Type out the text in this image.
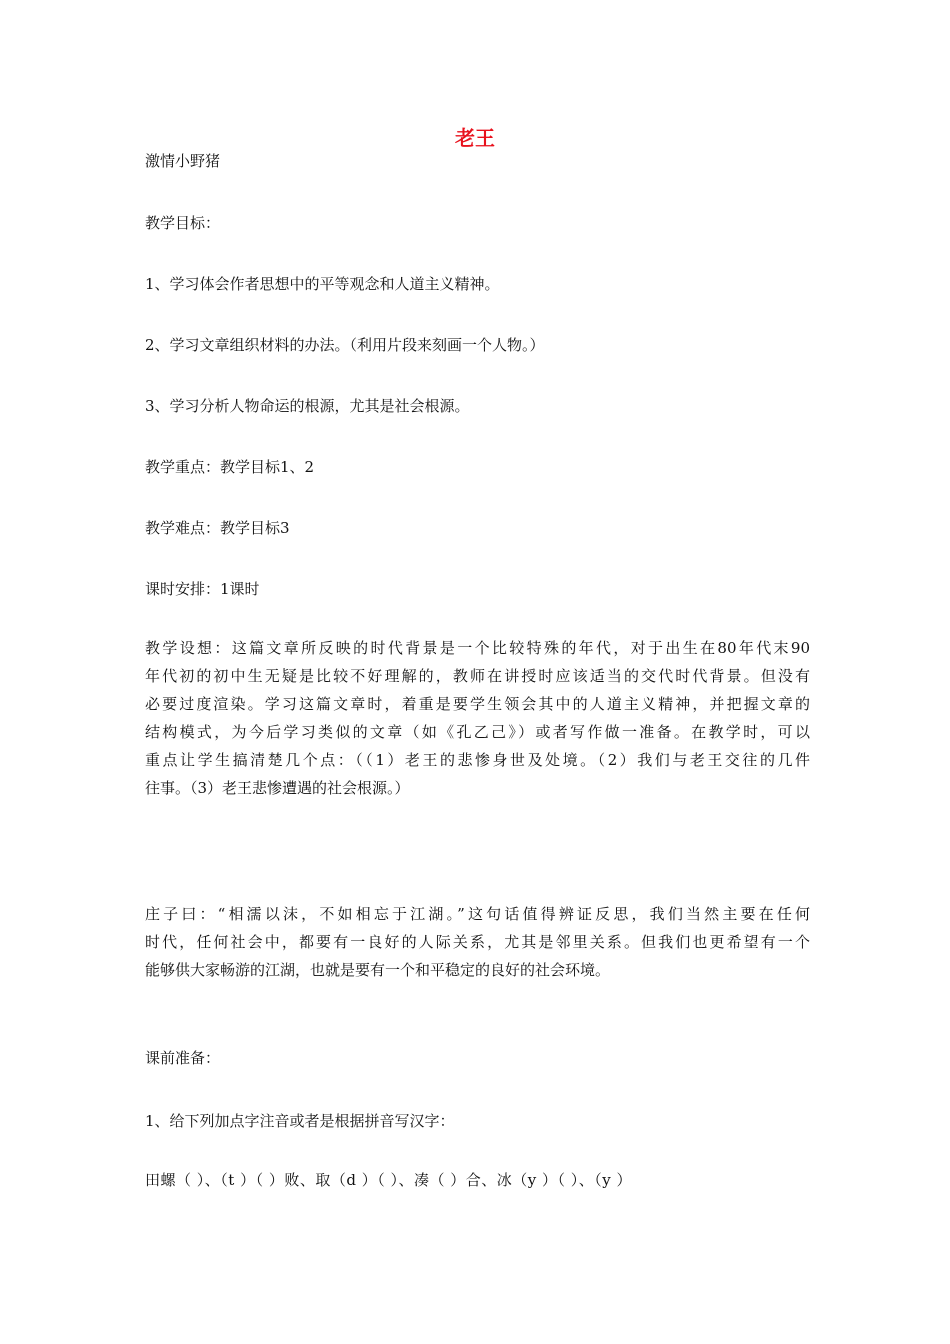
老王
激情小野猪
教学目标：
1、学习体会作者思想中的平等观念和人道主义精神。
2、学习文章组织材料的办法。（利用片段来刻画一个人物。）
3、学习分析人物命运的根源，尤其是社会根源。
教学重点：教学目标1、2
教学难点：教学目标3
课时安排：1课时
教学设想：这篇文章所反映的时代背景是一个比较特殊的年代，对于出生在80年代末90
年代初的初中生无疑是比较不好理解的，教师在讲授时应该适当的交代时代背景。但没有
必要过度渲染。学习这篇文章时，着重是要学生领会其中的人道主义精神，并把握文章的
结构模式，为今后学习类似的文章（如《孔乙己》）或者写作做一准备。在教学时，可以
重点让学生搞清楚几个点：（（1）老王的悲惨身世及处境。（2）我们与老王交往的几件
往事。（3）老王悲惨遭遇的社会根源。）
庄子曰：“相濡以沫，不如相忘于江湖。”这句话值得辨证反思，我们当然主要在任何
时代，任何社会中，都要有一良好的人际关系，尤其是邻里关系。但我们也更希望有一个
能够供大家畅游的江湖，也就是要有一个和平稳定的良好的社会环境。
课前准备：
1、给下列加点字注音或者是根据拼音写汉字：
田螺（ ）、（t ）（ ）败、取（d ）（ ）、凑（ ）合、冰（y ）（ ）、（y ）
